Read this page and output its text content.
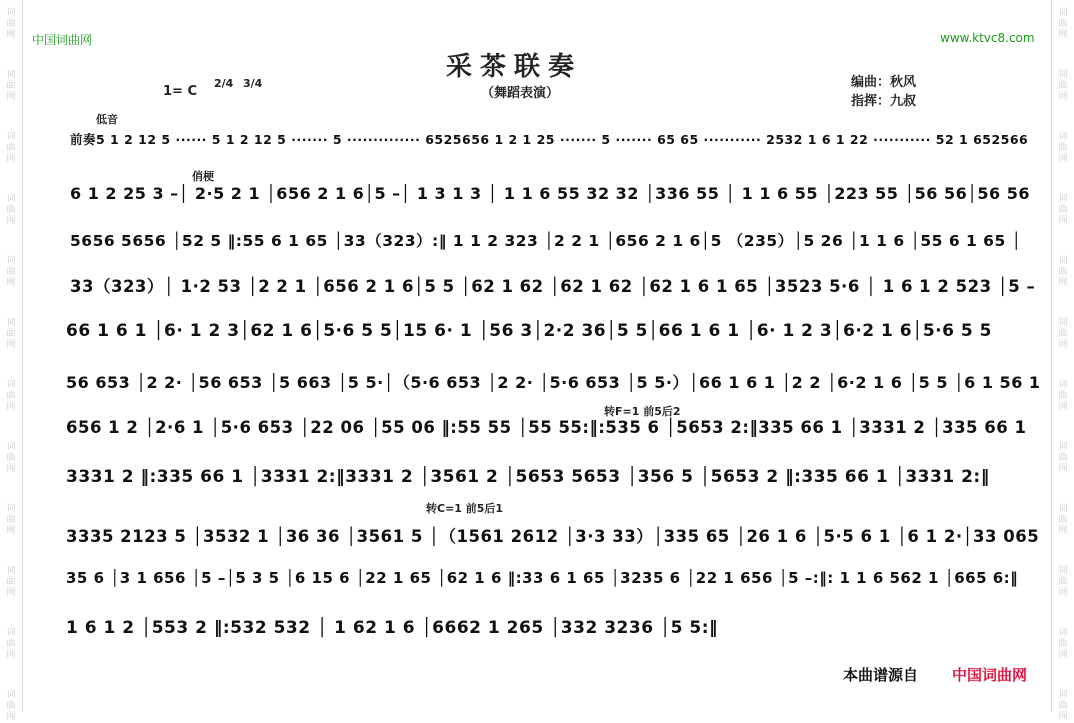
词
曲
网
词
曲
网
词
曲
网
词
曲
网
词
曲
网
词
曲
网
词
曲
网
词
曲
网
词
曲
网
词
曲
网
词
曲
网
词
曲
网
词
曲
网
词
曲
网
词
曲
网
词
曲
网
词
曲
网
词
曲
网
词
曲
网
词
曲
网
词
曲
网
词
曲
网
词
曲
网
词
曲
网
中国词曲网	www.ktvc8.com
采茶联奏
（舞蹈表演）
1= C
2/4 3/4	编曲：秋风
指挥：九叔
低音
俏梗
转F=1 前5后2
转C=1 前5后1
前奏5 1 2 12 5 ······ 5 1 2 12 5 ······· 5 ·············· 6525656 1 2 1 25 ······· 5 ······· 65 65 ··········· 2532 1 6 1 22 ··········· 52 1 652566
6 1 2 25 3 –│ 2·5 2 1 │656 2 1 6│5 –│ 1 3 1 3 │ 1 1 6 55 32 32 │336 55 │ 1 1 6 55 │223 55 │56 56│56 56
5656 5656 │52 5 ‖:55 6 1 65 │33（323）:‖ 1 1 2 323 │2 2 1 │656 2 1 6│5 （235）│5 26 │1 1 6 │55 6 1 65 │
33（323）│ 1·2 53 │2 2 1 │656 2 1 6│5 5 │62 1 62 │62 1 62 │62 1 6 1 65 │3523 5·6 │ 1 6 1 2 523 │5 –
66 1 6 1 │6· 1 2 3│62 1 6│5·6 5 5│15 6· 1 │56 3│2·2 36│5 5│66 1 6 1 │6· 1 2 3│6·2 1 6│5·6 5 5
56 653 │2 2· │56 653 │5 663 │5 5·│（5·6 653 │2 2· │5·6 653 │5 5·）│66 1 6 1 │2 2 │6·2 1 6 │5 5 │6 1 56 1
656 1 2 │2·6 1 │5·6 653 │22 06 │55 06 ‖:55 55 │55 55:‖:535 6 │5653 2:‖335 66 1 │3331 2 │335 66 1
3331 2 ‖:335 66 1 │3331 2:‖3331 2 │3561 2 │5653 5653 │356 5 │5653 2 ‖:335 66 1 │3331 2:‖
3335 2123 5 │3532 1 │36 36 │3561 5 │（1561 2612 │3·3 33）│335 65 │26 1 6 │5·5 6 1 │6 1 2·│33 065
35 6 │3 1 656 │5 –│5 3 5 │6 15 6 │22 1 65 │62 1 6 ‖:33 6 1 65 │3235 6 │22 1 656 │5 –:‖: 1 1 6 562 1 │665 6:‖
1 6 1 2 │553 2 ‖:532 532 │ 1 62 1 6 │6662 1 265 │332 3236 │5 5:‖
本曲谱源自 中国词曲网
